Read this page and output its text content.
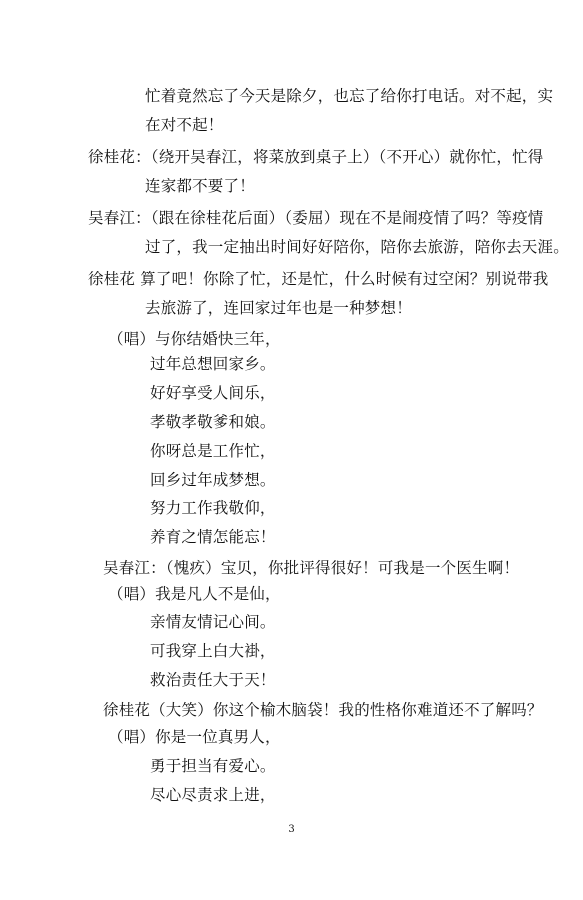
忙着竟然忘了今天是除夕，也忘了给你打电话。对不起，实
在对不起！
徐桂花：（绕开吴春江，将菜放到桌子上）（不开心）就你忙，忙得
连家都不要了！
吴春江：（跟在徐桂花后面）（委屈）现在不是闹疫情了吗？等疫情
过了，我一定抽出时间好好陪你，陪你去旅游，陪你去天涯。
徐桂花 算了吧！你除了忙，还是忙，什么时候有过空闲？别说带我
去旅游了，连回家过年也是一种梦想！
（唱）与你结婚快三年，
过年总想回家乡。
好好享受人间乐，
孝敬孝敬爹和娘。
你呀总是工作忙，
回乡过年成梦想。
努力工作我敬仰，
养育之情怎能忘！
吴春江：（愧疚）宝贝，你批评得很好！可我是一个医生啊！
（唱）我是凡人不是仙，
亲情友情记心间。
可我穿上白大褂，
救治责任大于天！
徐桂花（大笑）你这个榆木脑袋！我的性格你难道还不了解吗？
（唱）你是一位真男人，
勇于担当有爱心。
尽心尽责求上进，
3
